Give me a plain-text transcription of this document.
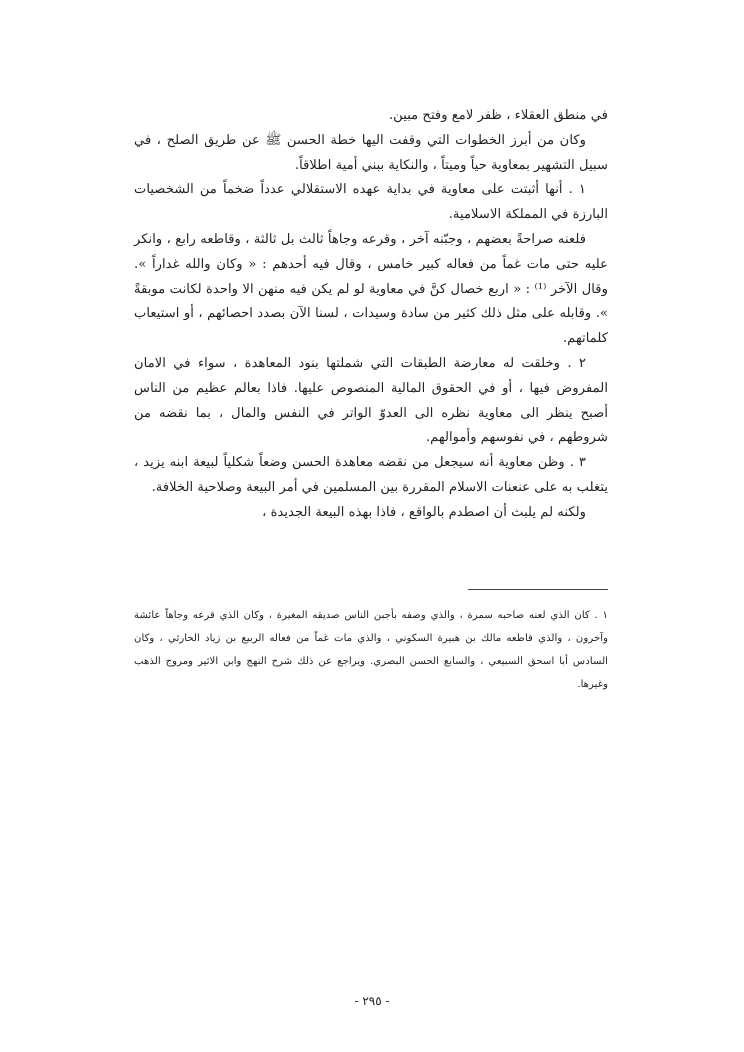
في منطق العقلاء ، ظفر لامع وفتح مبين.

وكان من أبرز الخطوات التي وقفت اليها خطة الحسن ﷺ عن طريق الصلح ، في سبيل التشهير بمعاوية حياً وميتاً ، والنكاية ببني أمية اطلاقاً.

١ . أنها أثبتت على معاوية في بداية عهده الاستقلالي عدداً ضخماً من الشخصيات البارزة في المملكة الاسلامية.

فلعنه صراحةً بعضهم ، وجبّنه آخر ، وقرعه وجاهاً ثالث بل ثالثة ، وقاطعه رابع ، وانكر عليه حتى مات غماً من فعاله كبير خامس ، وقال فيه أحدهم : « وكان والله غداراً ». وقال الآخر ⁽¹⁾ : « اربع خصال كنَّ في معاوية لو لم يكن فيه منهن الا واحدة لكانت موبقةً ». وقابله على مثل ذلك كثير من سادة وسيدات ، لسنا الآن بصدد احصائهم ، أو استيعاب كلماتهم.

٢ . وخلقت له معارضة الطبقات التي شملتها بنود المعاهدة ، سواء في الامان المفروض فيها ، أو في الحقوق المالية المنصوص عليها. فاذا بعالم عظيم من الناس أصبح ينظر الى معاوية نظره الى العدوّ الواتر في النفس والمال ، بما نقضه من شروطهم ، في نفوسهم وأموالهم.

٣ . وظن معاوية أنه سيجعل من نقضه معاهدة الحسن وضعاً شكلياً لبيعة ابنه يزيد ، يتغلب به على عنعنات الاسلام المقررة بين المسلمين في أمر البيعة وصلاحية الخلافة.

ولكنه لم يلبث أن اصطدم بالواقع ، فاذا بهذه البيعة الجديدة ،

١ . كان الذي لعنه صاحبه سمرة ، والذي وصفه بأجبن الناس صديقه المغيرة ، وكان الذي قرعه وجاهاً عائشة وآخرون ، والذي قاطعه مالك بن هبيرة السكوني ، والذي مات غماً من فعاله الربيع بن زياد الحارثي ، وكان السادس أبا اسحق السبيعي ، والسابع الحسن البصري. ويراجع عن ذلك شرح النهج وابن الاثير ومروج الذهب وغيرها.

- ٢٩٥ -
